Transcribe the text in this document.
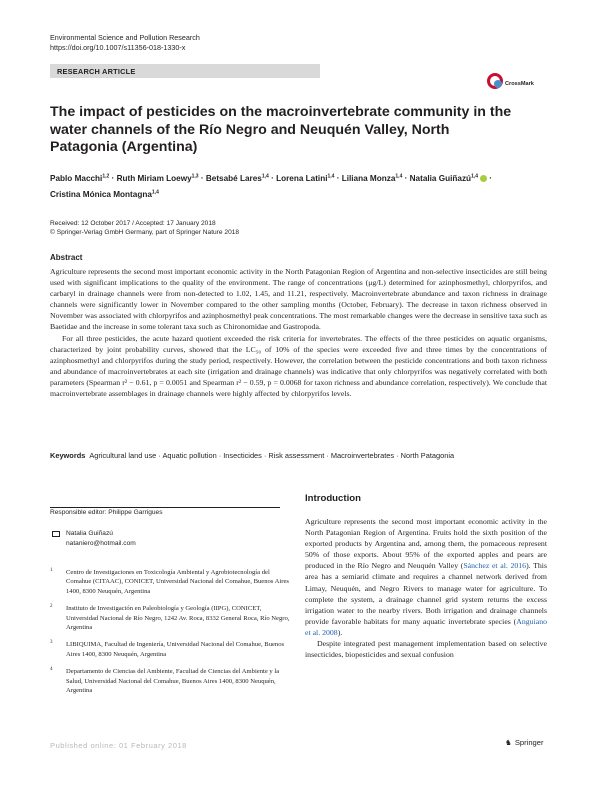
Environmental Science and Pollution Research
https://doi.org/10.1007/s11356-018-1330-x
RESEARCH ARTICLE
CrossMark
The impact of pesticides on the macroinvertebrate community in the water channels of the Río Negro and Neuquén Valley, North Patagonia (Argentina)
Pablo Macchi$^{1,2}$ · Ruth Miriam Loewy$^{1,3}$ · Betsabé Lares$^{1,4}$ · Lorena Latini$^{1,4}$ · Liliana Monza$^{1,4}$ · Natalia Guiñazú$^{1,4}$ ·
Cristina Mónica Montagna$^{1,4}$
Received: 12 October 2017 / Accepted: 17 January 2018
© Springer-Verlag GmbH Germany, part of Springer Nature 2018
Abstract

Agriculture represents the second most important economic activity in the North Patagonian Region of Argentina and non-selective insecticides are still being used with significant implications to the quality of the environment. The range of concentrations (μg/L) determined for azinphosmethyl, chlorpyrifos, and carbaryl in drainage channels were from non-detected to 1.02, 1.45, and 11.21, respectively. Macroinvertebrate abundance and taxon richness in drainage channels were significantly lower in November compared to the other sampling months (October, February). The decrease in taxon richness observed in November was associated with chlorpyrifos and azinphosmethyl peak concentrations. The most remarkable changes were the decrease in sensitive taxa such as Baetidae and the increase in some tolerant taxa such as Chironomidae and Gastropoda.

For all three pesticides, the acute hazard quotient exceeded the risk criteria for invertebrates. The effects of the three pesticides on aquatic organisms, characterized by joint probability curves, showed that the LC₅₀ of 10% of the species were exceeded five and three times by the concentrations of azinphosmethyl and chlorpyrifos during the study period, respectively. However, the correlation between the pesticide concentrations and both taxon richness and abundance of macroinvertebrates at each site (irrigation and drainage channels) was indicative that only chlorpyrifos was negatively correlated with both parameters (Spearman r² − 0.61, p = 0.0051 and Spearman r² − 0.59, p = 0.0068 for taxon richness and abundance correlation, respectively). We conclude that macroinvertebrate assemblages in drainage channels were highly affected by chlorpyrifos levels.

Keywords Agricultural land use · Aquatic pollution · Insecticides · Risk assessment · Macroinvertebrates · North Patagonia
Responsible editor: Philippe Garrigues
Natalia Guiñazú
nataniero@hotmail.com
1 Centro de Investigaciones en Toxicología Ambiental y Agrobiotecnología del Comahue (CITAAC), CONICET, Universidad Nacional del Comahue, Buenos Aires 1400, 8300 Neuquén, Argentina
2 Instituto de Investigación en Paleobiología y Geología (IIPG), CONICET, Universidad Nacional de Río Negro, 1242 Av. Roca, 8332 General Roca, Río Negro, Argentina
3 LIBIQUIMA, Facultad de Ingeniería, Universidad Nacional del Comahue, Buenos Aires 1400, 8300 Neuquén, Argentina
4 Departamento de Ciencias del Ambiente, Facultad de Ciencias del Ambiente y la Salud, Universidad Nacional del Comahue, Buenos Aires 1400, 8300 Neuquén, Argentina
Introduction

Agriculture represents the second most important economic activity in the North Patagonian Region of Argentina. Fruits hold the sixth position of the exported products by Argentina and, among them, the pomaceous represent 50% of those exports. About 95% of the exported apples and pears are produced in the Río Negro and Neuquén Valley (Sánchez et al. 2016). This area has a semiarid climate and requires a channel network derived from Limay, Neuquén, and Negro Rivers to manage water for agriculture. To complete the system, a drainage channel grid system returns the excess irrigation water to the nearby rivers. Both irrigation and drainage channels provide favorable habitats for many aquatic invertebrate species (Anguiano et al. 2008).

Despite integrated pest management implementation based on selective insecticides, biopesticides and sexual confusion

Published online: 01 February 2018	♞ Springer
